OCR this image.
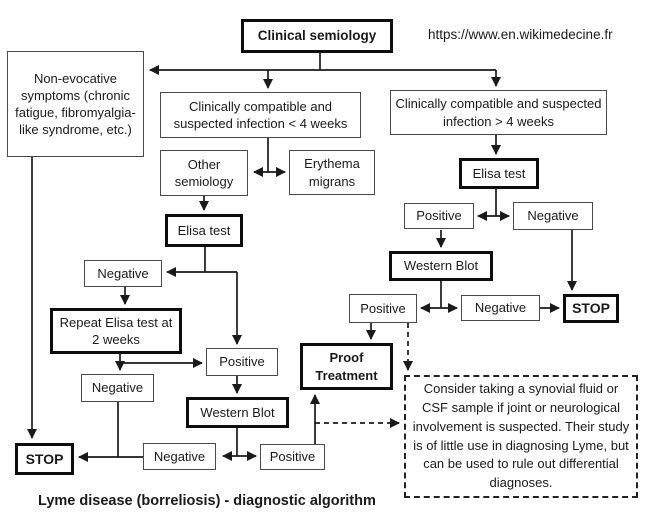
Clinical semiology	https://www.en.wikimedecine.fr
Non-evocative symptoms (chronic fatigue, fibromyalgia-like syndrome, etc.)
Clinically compatible and suspected infection < 4 weeks
Clinically compatible and suspected infection > 4 weeks
Other semiology
Erythema migrans
Elisa test
Negative
Repeat Elisa test at 2 weeks
Positive
Negative
Western Blot
Negative	Positive
STOP
Elisa test
Positive	Negative
Western Blot
Positive	Negative	STOP
Proof Treatment
Consider taking a synovial fluid or CSF sample if joint or neurological involvement is suspected. Their study is of little use in diagnosing Lyme, but can be used to rule out differential diagnoses.
Lyme disease (borreliosis) - diagnostic algorithm
